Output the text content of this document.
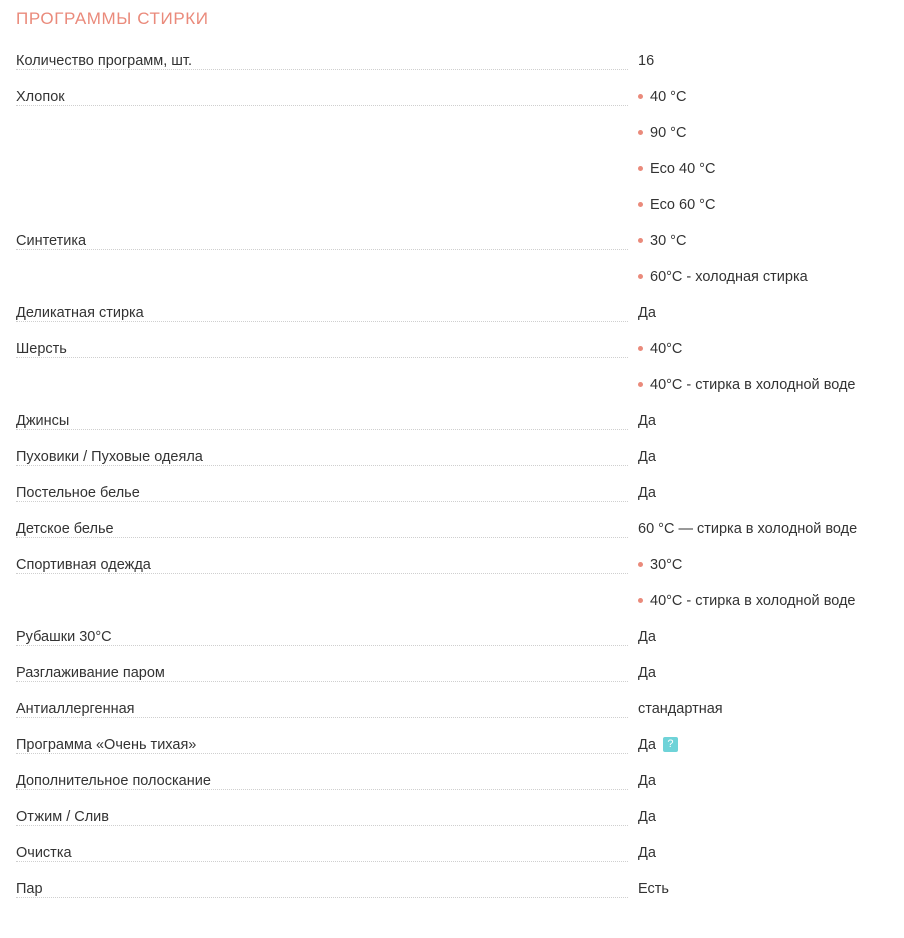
ПРОГРАММЫ СТИРКИ
Количество программ, шт.	16

Хлопок	40 °C
90 °C
Eco 40 °C
Eco 60 °C

Синтетика	30 °C
60°C - холодная стирка

Деликатная стирка	Да

Шерсть	40°C
40°C - стирка в холодной воде

Джинсы	Да

Пуховики / Пуховые одеяла	Да

Постельное белье	Да

Детское белье	60 °C — стирка в холодной воде

Спортивная одежда	30°C
40°C - стирка в холодной воде

Рубашки 30°С	Да

Разглаживание паром	Да

Антиаллергенная	стандартная

Программа «Очень тихая»	Да ?

Дополнительное полоскание	Да

Отжим / Слив	Да

Очистка	Да

Пар	Есть
